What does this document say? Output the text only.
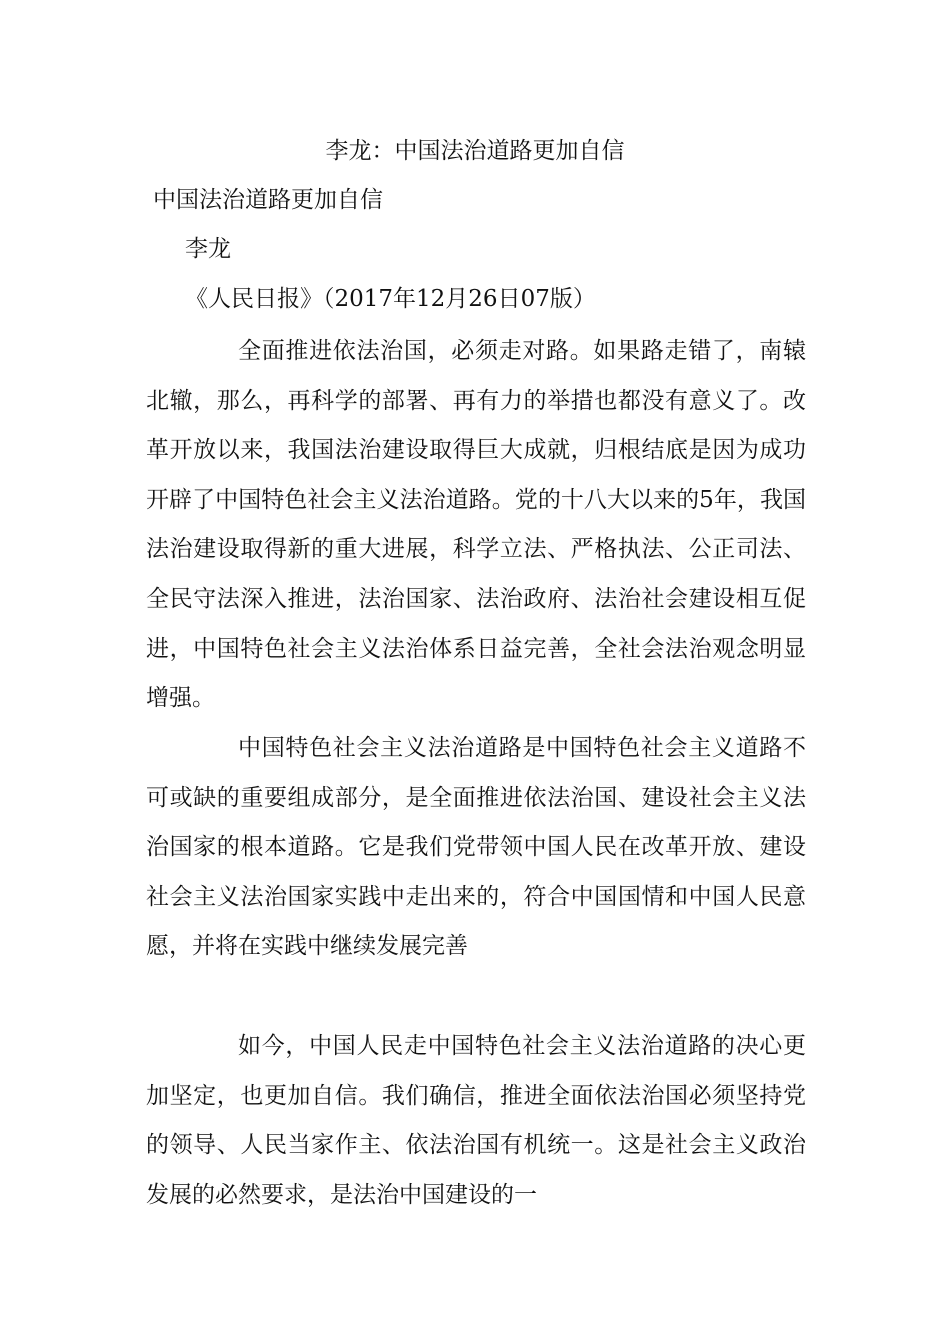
李龙：中国法治道路更加自信
中国法治道路更加自信
李龙
《人民日报》（2017年12月26日07版）

全面推进依法治国，必须走对路。如果路走错了，南辕北辙，那么，再科学的部署、再有力的举措也都没有意义了。改革开放以来，我国法治建设取得巨大成就，归根结底是因为成功开辟了中国特色社会主义法治道路。党的十八大以来的5年，我国法治建设取得新的重大进展，科学立法、严格执法、公正司法、全民守法深入推进，法治国家、法治政府、法治社会建设相互促进，中国特色社会主义法治体系日益完善，全社会法治观念明显增强。

中国特色社会主义法治道路是中国特色社会主义道路不可或缺的重要组成部分，是全面推进依法治国、建设社会主义法治国家的根本道路。它是我们党带领中国人民在改革开放、建设社会主义法治国家实践中走出来的，符合中国国情和中国人民意愿，并将在实践中继续发展完善

如今，中国人民走中国特色社会主义法治道路的决心更加坚定，也更加自信。我们确信，推进全面依法治国必须坚持党的领导、人民当家作主、依法治国有机统一。这是社会主义政治发展的必然要求，是法治中国建设的一
